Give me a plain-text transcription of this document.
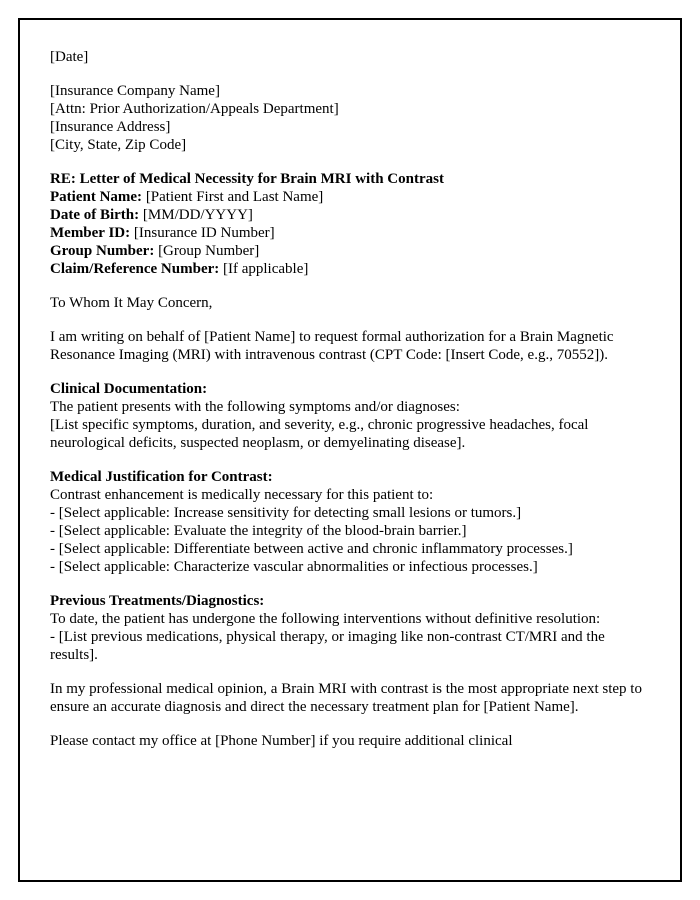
[Date]
[Insurance Company Name]
[Attn: Prior Authorization/Appeals Department]
[Insurance Address]
[City, State, Zip Code]
RE: Letter of Medical Necessity for Brain MRI with Contrast
Patient Name: [Patient First and Last Name]
Date of Birth: [MM/DD/YYYY]
Member ID: [Insurance ID Number]
Group Number: [Group Number]
Claim/Reference Number: [If applicable]
To Whom It May Concern,
I am writing on behalf of [Patient Name] to request formal authorization for a Brain Magnetic Resonance Imaging (MRI) with intravenous contrast (CPT Code: [Insert Code, e.g., 70552]).
Clinical Documentation:
The patient presents with the following symptoms and/or diagnoses:
[List specific symptoms, duration, and severity, e.g., chronic progressive headaches, focal neurological deficits, suspected neoplasm, or demyelinating disease].
Medical Justification for Contrast:
Contrast enhancement is medically necessary for this patient to:
- [Select applicable: Increase sensitivity for detecting small lesions or tumors.]
- [Select applicable: Evaluate the integrity of the blood-brain barrier.]
- [Select applicable: Differentiate between active and chronic inflammatory processes.]
- [Select applicable: Characterize vascular abnormalities or infectious processes.]
Previous Treatments/Diagnostics:
To date, the patient has undergone the following interventions without definitive resolution:
- [List previous medications, physical therapy, or imaging like non-contrast CT/MRI and the results].
In my professional medical opinion, a Brain MRI with contrast is the most appropriate next step to ensure an accurate diagnosis and direct the necessary treatment plan for [Patient Name].
Please contact my office at [Phone Number] if you require additional clinical
